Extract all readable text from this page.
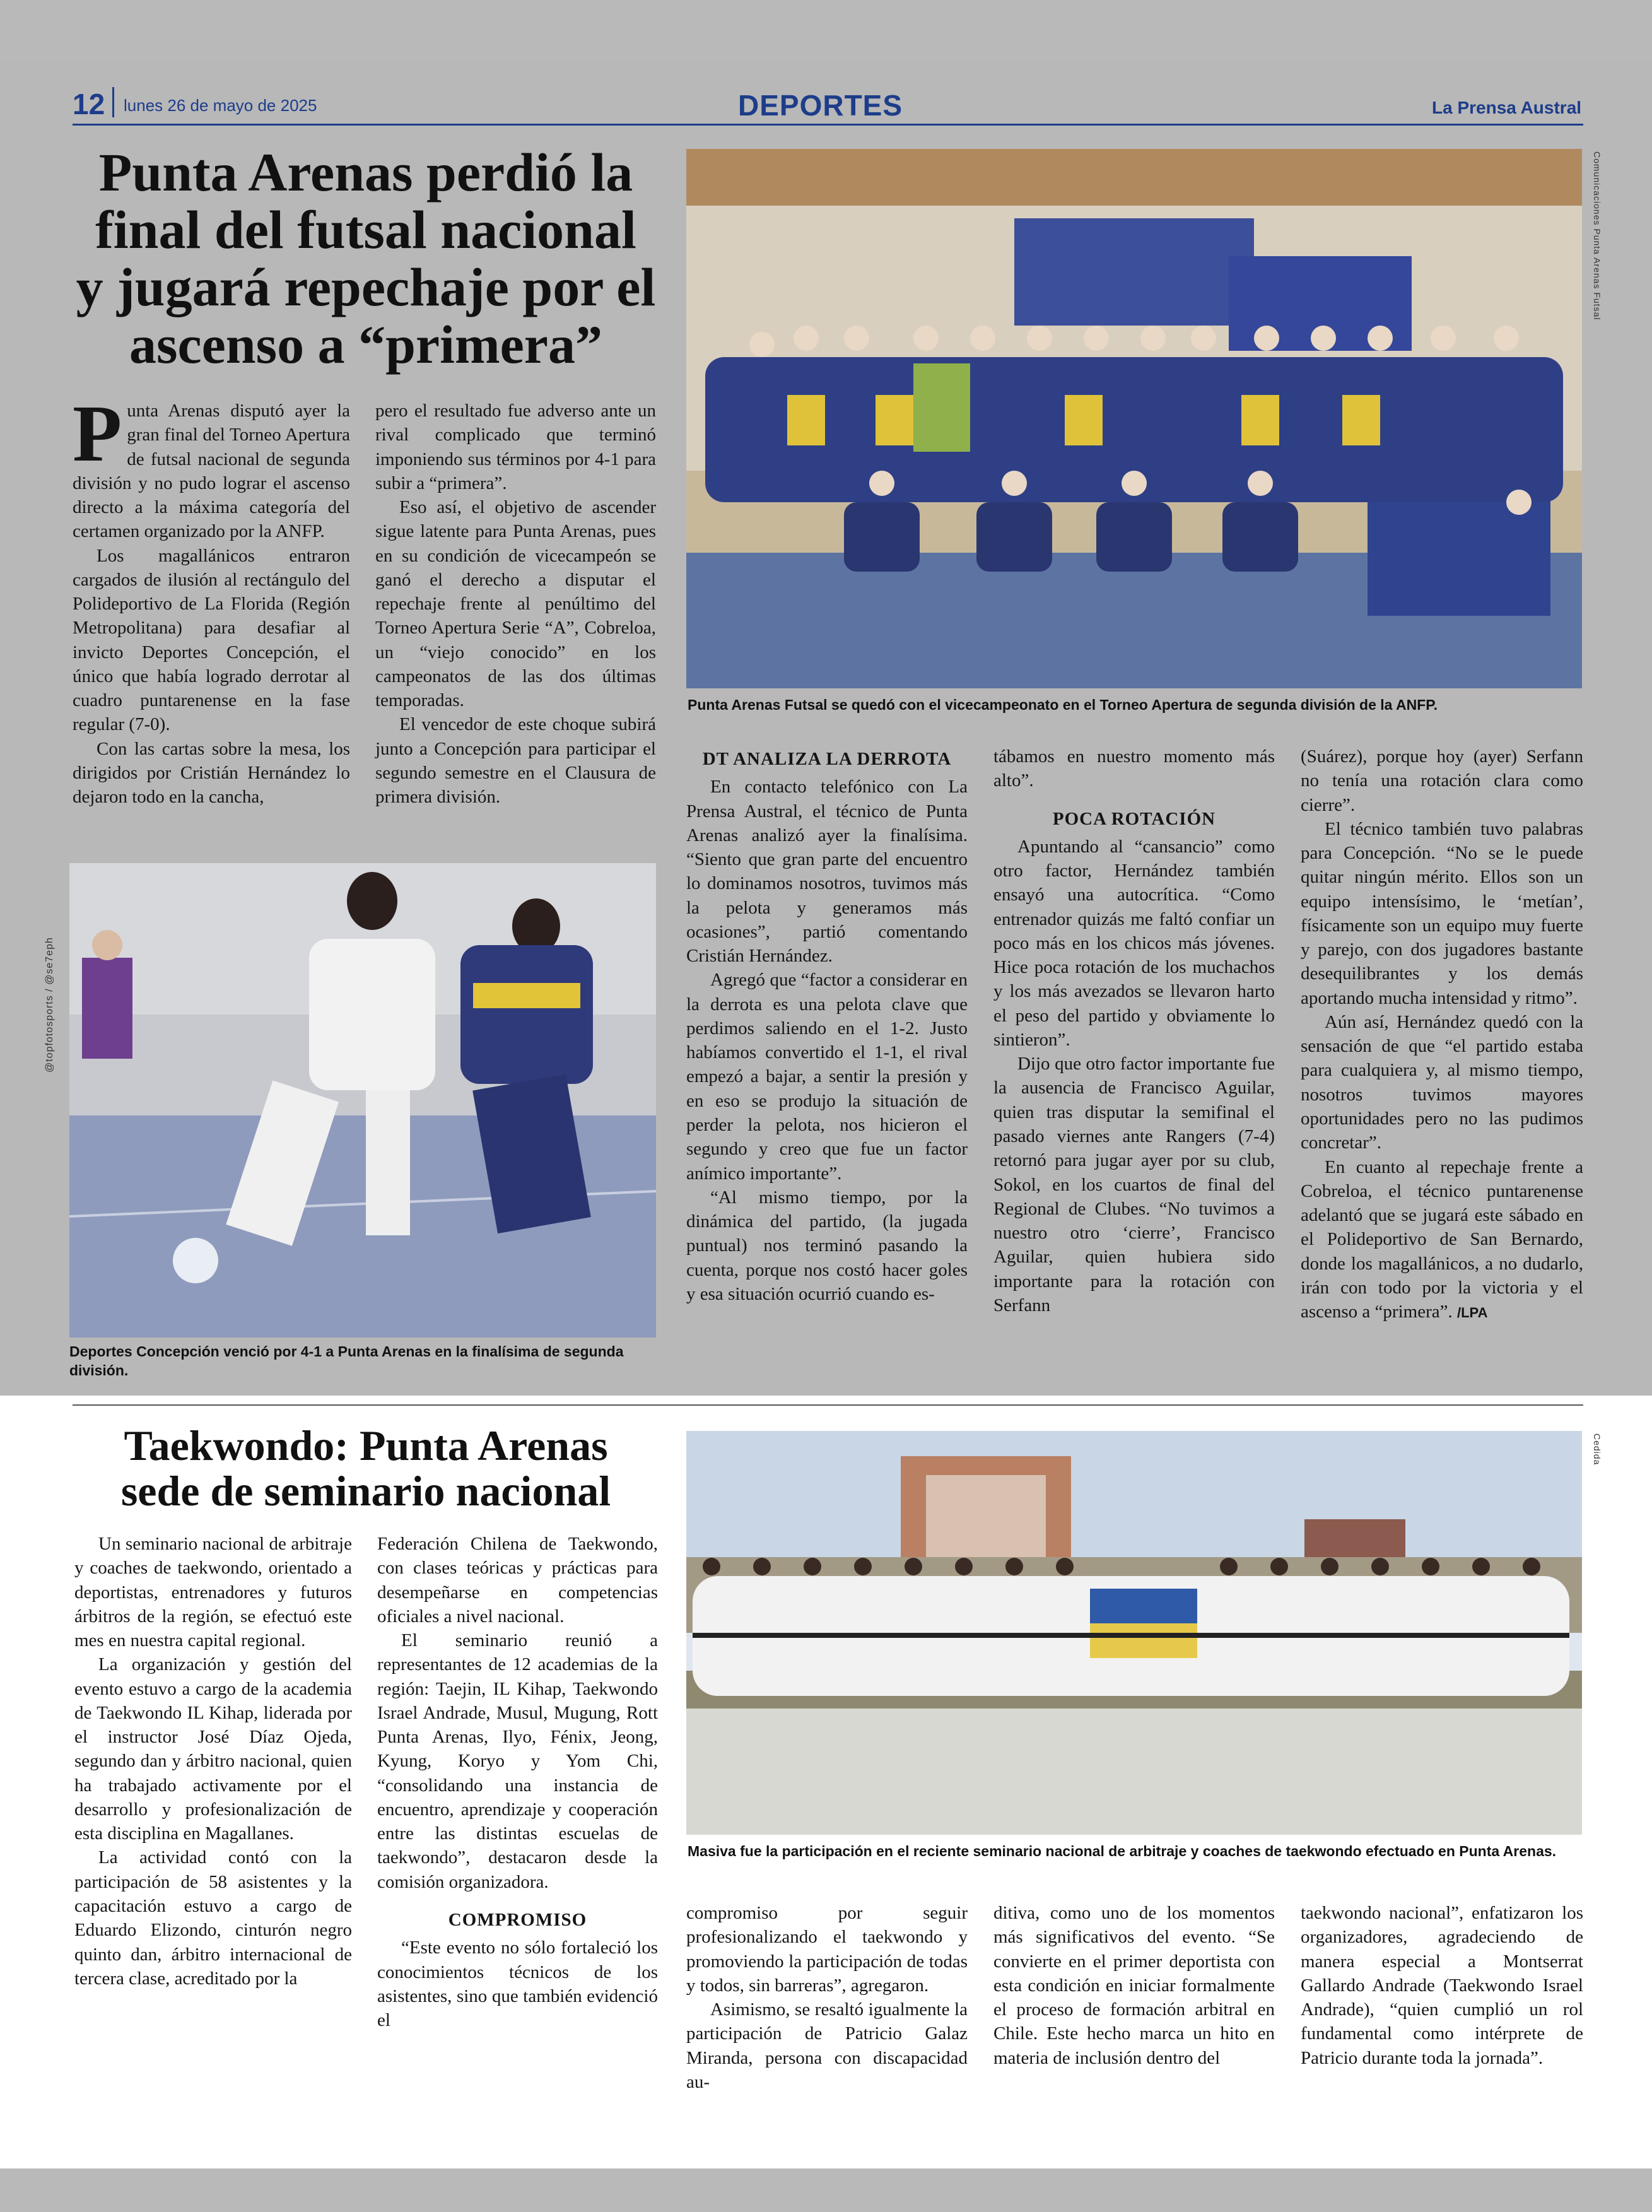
12 lunes 26 de mayo de 2025	DEPORTES	La Prensa Austral
Punta Arenas perdió la final del futsal nacional y jugará repechaje por el ascenso a “primera”

Punta Arenas disputó ayer la gran final del Torneo Apertura de futsal nacional de segunda división y no pudo lograr el ascenso directo a la máxima categoría del certamen organizado por la ANFP.

Los magallánicos entraron cargados de ilusión al rectángulo del Polideportivo de La Florida (Región Metropolitana) para desafiar al invicto Deportes Concepción, el único que había logrado derrotar al cuadro puntarenense en la fase regular (7-0).

Con las cartas sobre la mesa, los dirigidos por Cristián Hernández lo dejaron todo en la cancha,

pero el resultado fue adverso ante un rival complicado que terminó imponiendo sus términos por 4-1 para subir a “primera”.

Eso así, el objetivo de ascender sigue latente para Punta Arenas, pues en su condición de vicecampeón se ganó el derecho a disputar el repechaje frente al penúltimo del Torneo Apertura Serie “A”, Cobreloa, un “viejo conocido” en los campeonatos de las dos últimas temporadas.

El vencedor de este choque subirá junto a Concepción para participar el segundo semestre en el Clausura de primera división.

Comunicaciones Punta Arenas Futsal
Punta Arenas Futsal se quedó con el vicecampeonato en el Torneo Apertura de segunda división de la ANFP.
@topfotosports / @se7eph
Deportes Concepción venció por 4-1 a Punta Arenas en la finalísima de segunda división.
DT ANALIZA LA DERROTA

En contacto telefónico con La Prensa Austral, el técnico de Punta Arenas analizó ayer la finalísima. “Siento que gran parte del encuentro lo dominamos nosotros, tuvimos más la pelota y generamos más ocasiones”, partió comentando Cristián Hernández.

Agregó que “factor a considerar en la derrota es una pelota clave que perdimos saliendo en el 1-2. Justo habíamos convertido el 1-1, el rival empezó a bajar, a sentir la presión y en eso se produjo la situación de perder la pelota, nos hicieron el segundo y creo que fue un factor anímico importante”.

“Al mismo tiempo, por la dinámica del partido, (la jugada puntual) nos terminó pasando la cuenta, porque nos costó hacer goles y esa situación ocurrió cuando es-

tábamos en nuestro momento más alto”.

POCA ROTACIÓN

Apuntando al “cansancio” como otro factor, Hernández también ensayó una autocrítica. “Como entrenador quizás me faltó confiar un poco más en los chicos más jóvenes. Hice poca rotación de los muchachos y los más avezados se llevaron harto el peso del partido y obviamente lo sintieron”.

Dijo que otro factor importante fue la ausencia de Francisco Aguilar, quien tras disputar la semifinal el pasado viernes ante Rangers (7-4) retornó para jugar ayer por su club, Sokol, en los cuartos de final del Regional de Clubes. “No tuvimos a nuestro otro ‘cierre’, Francisco Aguilar, quien hubiera sido importante para la rotación con Serfann

(Suárez), porque hoy (ayer) Serfann no tenía una rotación clara como cierre”.

El técnico también tuvo palabras para Concepción. “No se le puede quitar ningún mérito. Ellos son un equipo intensísimo, le ‘metían’, físicamente son un equipo muy fuerte y parejo, con dos jugadores bastante desequilibrantes y los demás aportando mucha intensidad y ritmo”.

Aún así, Hernández quedó con la sensación de que “el partido estaba para cualquiera y, al mismo tiempo, nosotros tuvimos mayores oportunidades pero no las pudimos concretar”.

En cuanto al repechaje frente a Cobreloa, el técnico puntarenense adelantó que se jugará este sábado en el Polideportivo de San Bernardo, donde los magallánicos, a no dudarlo, irán con todo por la victoria y el ascenso a “primera”. /LPA

Taekwondo: Punta Arenas sede de seminario nacional

Un seminario nacional de arbitraje y coaches de taekwondo, orientado a deportistas, entrenadores y futuros árbitros de la región, se efectuó este mes en nuestra capital regional.

La organización y gestión del evento estuvo a cargo de la academia de Taekwondo IL Kihap, liderada por el instructor José Díaz Ojeda, segundo dan y árbitro nacional, quien ha trabajado activamente por el desarrollo y profesionalización de esta disciplina en Magallanes.

La actividad contó con la participación de 58 asistentes y la capacitación estuvo a cargo de Eduardo Elizondo, cinturón negro quinto dan, árbitro internacional de tercera clase, acreditado por la

Federación Chilena de Taekwondo, con clases teóricas y prácticas para desempeñarse en competencias oficiales a nivel nacional.

El seminario reunió a representantes de 12 academias de la región: Taejin, IL Kihap, Taekwondo Israel Andrade, Musul, Mugung, Rott Punta Arenas, Ilyo, Fénix, Jeong, Kyung, Koryo y Yom Chi, “consolidando una instancia de encuentro, aprendizaje y cooperación entre las distintas escuelas de taekwondo”, destacaron desde la comisión organizadora.

COMPROMISO

“Este evento no sólo fortaleció los conocimientos técnicos de los asistentes, sino que también evidenció el

Cedida
Masiva fue la participación en el reciente seminario nacional de arbitraje y coaches de taekwondo efectuado en Punta Arenas.

compromiso por seguir profesionalizando el taekwondo y promoviendo la participación de todas y todos, sin barreras”, agregaron.

Asimismo, se resaltó igualmente la participación de Patricio Galaz Miranda, persona con discapacidad au-

ditiva, como uno de los momentos más significativos del evento. “Se convierte en el primer deportista con esta condición en iniciar formalmente el proceso de formación arbitral en Chile. Este hecho marca un hito en materia de inclusión dentro del

taekwondo nacional”, enfatizaron los organizadores, agradeciendo de manera especial a Montserrat Gallardo Andrade (Taekwondo Israel Andrade), “quien cumplió un rol fundamental como intérprete de Patricio durante toda la jornada”.
